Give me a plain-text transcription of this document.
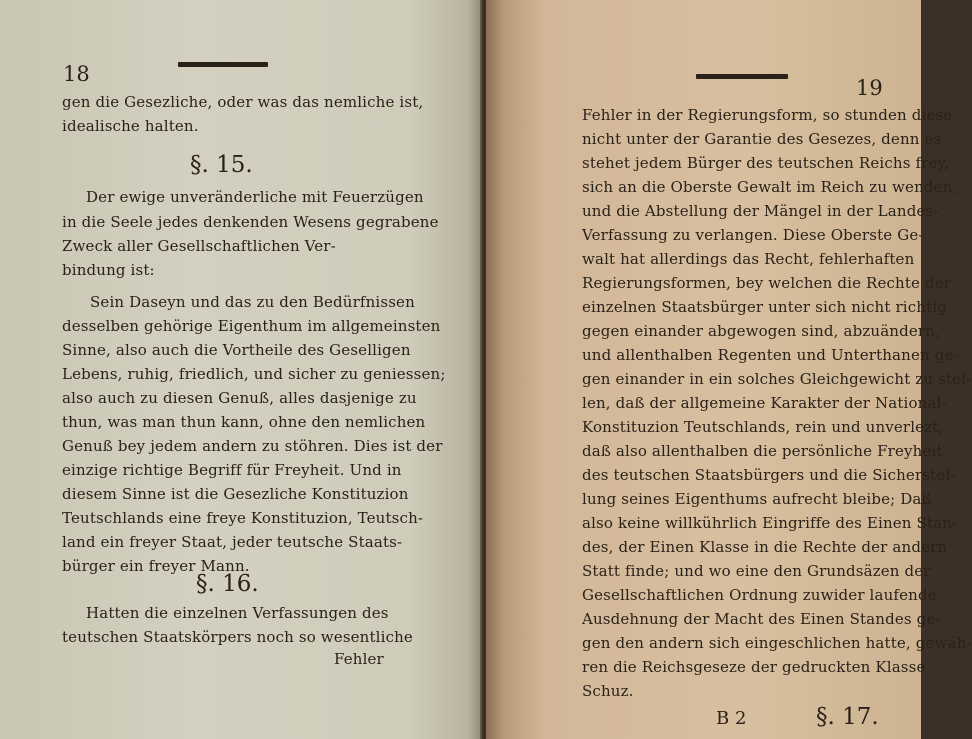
18
gen die Gesezliche, oder was das nemliche ist,
idealische halten.
§. 15.
Der ewige unveränderliche mit Feuerzügen
in die Seele jedes denkenden Wesens gegrabene
Zweck aller Gesellschaftlichen Ver-
bindung ist:
Sein Daseyn und das zu den Bedürfnissen
desselben gehörige Eigenthum im allgemeinsten
Sinne, also auch die Vortheile des Geselligen
Lebens, ruhig, friedlich, und sicher zu geniessen;
also auch zu diesen Genuß, alles dasjenige zu
thun, was man thun kann, ohne den nemlichen
Genuß bey jedem andern zu stöhren. Dies ist der
einzige richtige Begriff für Freyheit. Und in
diesem Sinne ist die Gesezliche Konstituzion
Teutschlands eine freye Konstituzion, Teutsch-
land ein freyer Staat, jeder teutsche Staats-
bürger ein freyer Mann.
§. 16.
Hatten die einzelnen Verfassungen des
teutschen Staatskörpers noch so wesentliche
Fehler
19
Fehler in der Regierungsform, so stunden diese
nicht unter der Garantie des Gesezes, denn es
stehet jedem Bürger des teutschen Reichs frey,
sich an die Oberste Gewalt im Reich zu wenden,
und die Abstellung der Mängel in der Landes-
Verfassung zu verlangen. Diese Oberste Ge-
walt hat allerdings das Recht, fehlerhaften
Regierungsformen, bey welchen die Rechte der
einzelnen Staatsbürger unter sich nicht richtig
gegen einander abgewogen sind, abzuändern,
und allenthalben Regenten und Unterthanen ge-
gen einander in ein solches Gleichgewicht zu stel-
len, daß der allgemeine Karakter der National-
Konstituzion Teutschlands, rein und unverlezt,
daß also allenthalben die persönliche Freyheit
des teutschen Staatsbürgers und die Sicherstel-
lung seines Eigenthums aufrecht bleibe; Daß
also keine willkührlich Eingriffe des Einen Stan-
des, der Einen Klasse in die Rechte der andern
Statt finde; und wo eine den Grundsäzen der
Gesellschaftlichen Ordnung zuwider laufende
Ausdehnung der Macht des Einen Standes ge-
gen den andern sich eingeschlichen hatte, gewäh-
ren die Reichsgeseze der gedruckten Klasse
Schuz.
B 2	§. 17.
